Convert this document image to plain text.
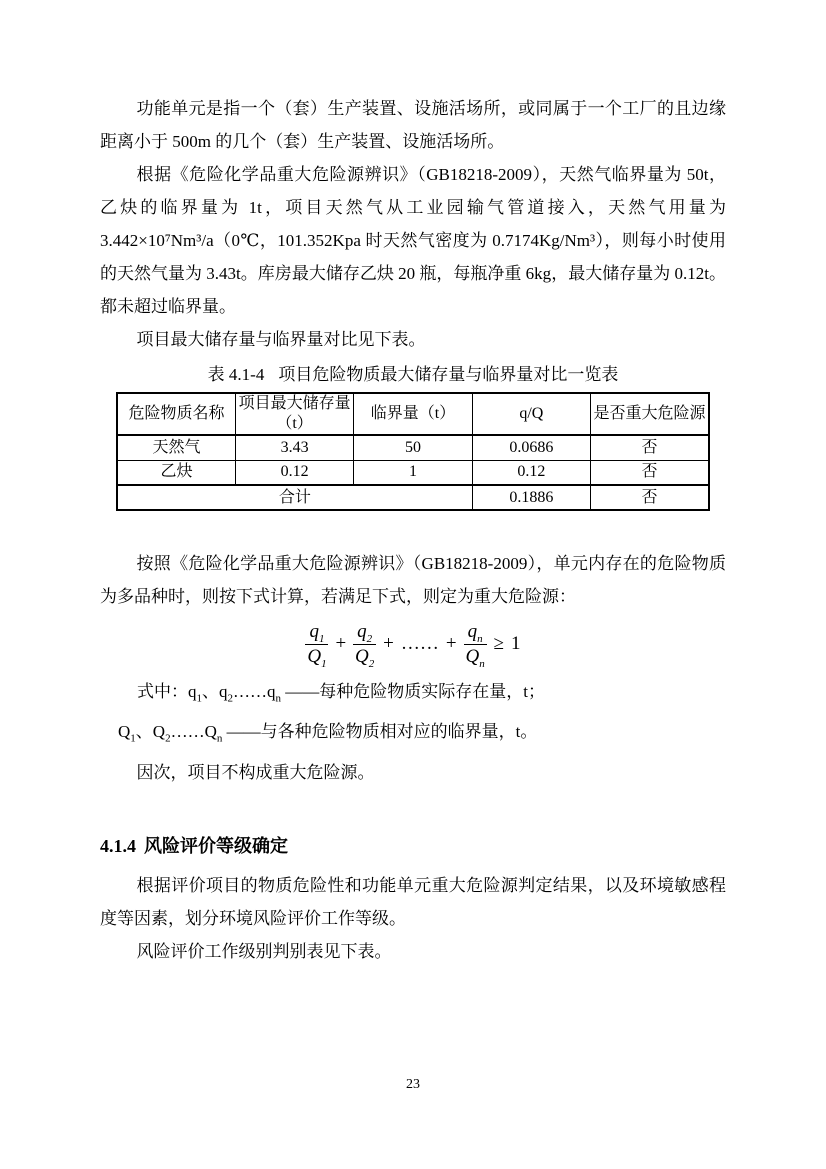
功能单元是指一个（套）生产装置、设施活场所，或同属于一个工厂的且边缘距离小于 500m 的几个（套）生产装置、设施活场所。

根据《危险化学品重大危险源辨识》（GB18218-2009），天然气临界量为 50t，乙炔的临界量为 1t，项目天然气从工业园输气管道接入，天然气用量为 3.442×10⁷Nm³/a（0℃，101.352Kpa 时天然气密度为 0.7174Kg/Nm³），则每小时使用的天然气量为 3.43t。库房最大储存乙炔 20 瓶，每瓶净重 6kg，最大储存量为 0.12t。都未超过临界量。

项目最大储存量与临界量对比见下表。

表 4.1-4 项目危险物质最大储存量与临界量对比一览表
危险物质名称	项目最大储存量（t）	临界量（t）	q/Q	是否重大危险源
天然气	3.43	50	0.0686	否
乙炔	0.12	1	0.12	否
合计			0.1886	否

按照《危险化学品重大危险源辨识》（GB18218-2009），单元内存在的危险物质为多品种时，则按下式计算，若满足下式，则定为重大危险源：

$\frac{q_1}{Q_1} + \frac{q_2}{Q_2}$ + …… + $\frac{q_n}{Q_n} \ge 1$

式中：$q_1$、$q_2\dots\dots q_n$ ——每种危险物质实际存在量，t；

$Q_1$、$Q_2\dots\dots Q_n$ ——与各种危险物质相对应的临界量，t。

因次，项目不构成重大危险源。

4.1.4 风险评价等级确定

根据评价项目的物质危险性和功能单元重大危险源判定结果，以及环境敏感程度等因素，划分环境风险评价工作等级。

风险评价工作级别判别表见下表。

23
